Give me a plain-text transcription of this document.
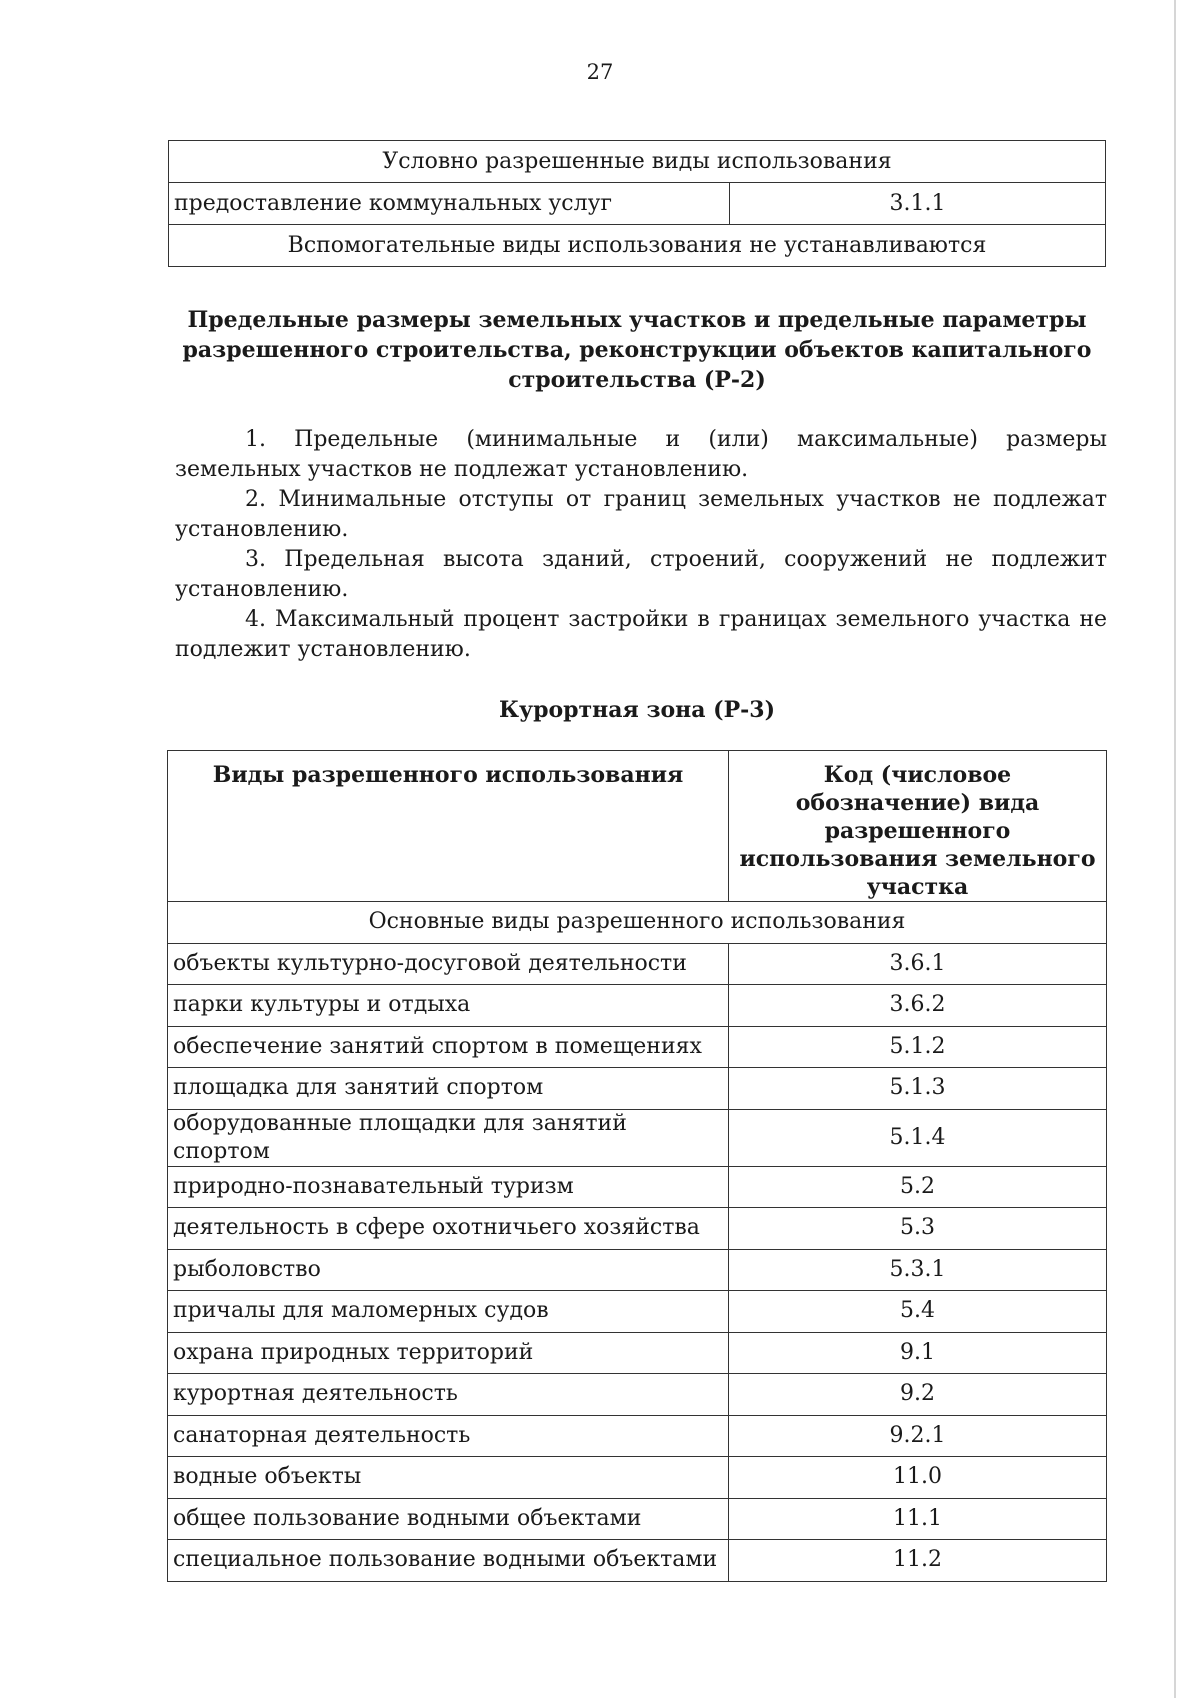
27
Условно разрешенные виды использования
предоставление коммунальных услуг	3.1.1
Вспомогательные виды использования не устанавливаются
Предельные размеры земельных участков и предельные параметры разрешенного строительства, реконструкции объектов капитального строительства (Р-2)

1. Предельные (минимальные и (или) максимальные) размеры земельных участков не подлежат установлению.

2. Минимальные отступы от границ земельных участков не подлежат установлению.

3. Предельная высота зданий, строений, сооружений не подлежит установлению.

4. Максимальный процент застройки в границах земельного участка не подлежит установлению.

Курортная зона (Р-3)
Виды разрешенного использования	Код (числовое обозначение) вида разрешенного использования земельного участка
Основные виды разрешенного использования	
объекты культурно-досуговой деятельности	3.6.1
парки культуры и отдыха	3.6.2
обеспечение занятий спортом в помещениях	5.1.2
площадка для занятий спортом	5.1.3
оборудованные площадки для занятий спортом	5.1.4
природно-познавательный туризм	5.2
деятельность в сфере охотничьего хозяйства	5.3
рыболовство	5.3.1
причалы для маломерных судов	5.4
охрана природных территорий	9.1
курортная деятельность	9.2
санаторная деятельность	9.2.1
водные объекты	11.0
общее пользование водными объектами	11.1
специальное пользование водными объектами	11.2
